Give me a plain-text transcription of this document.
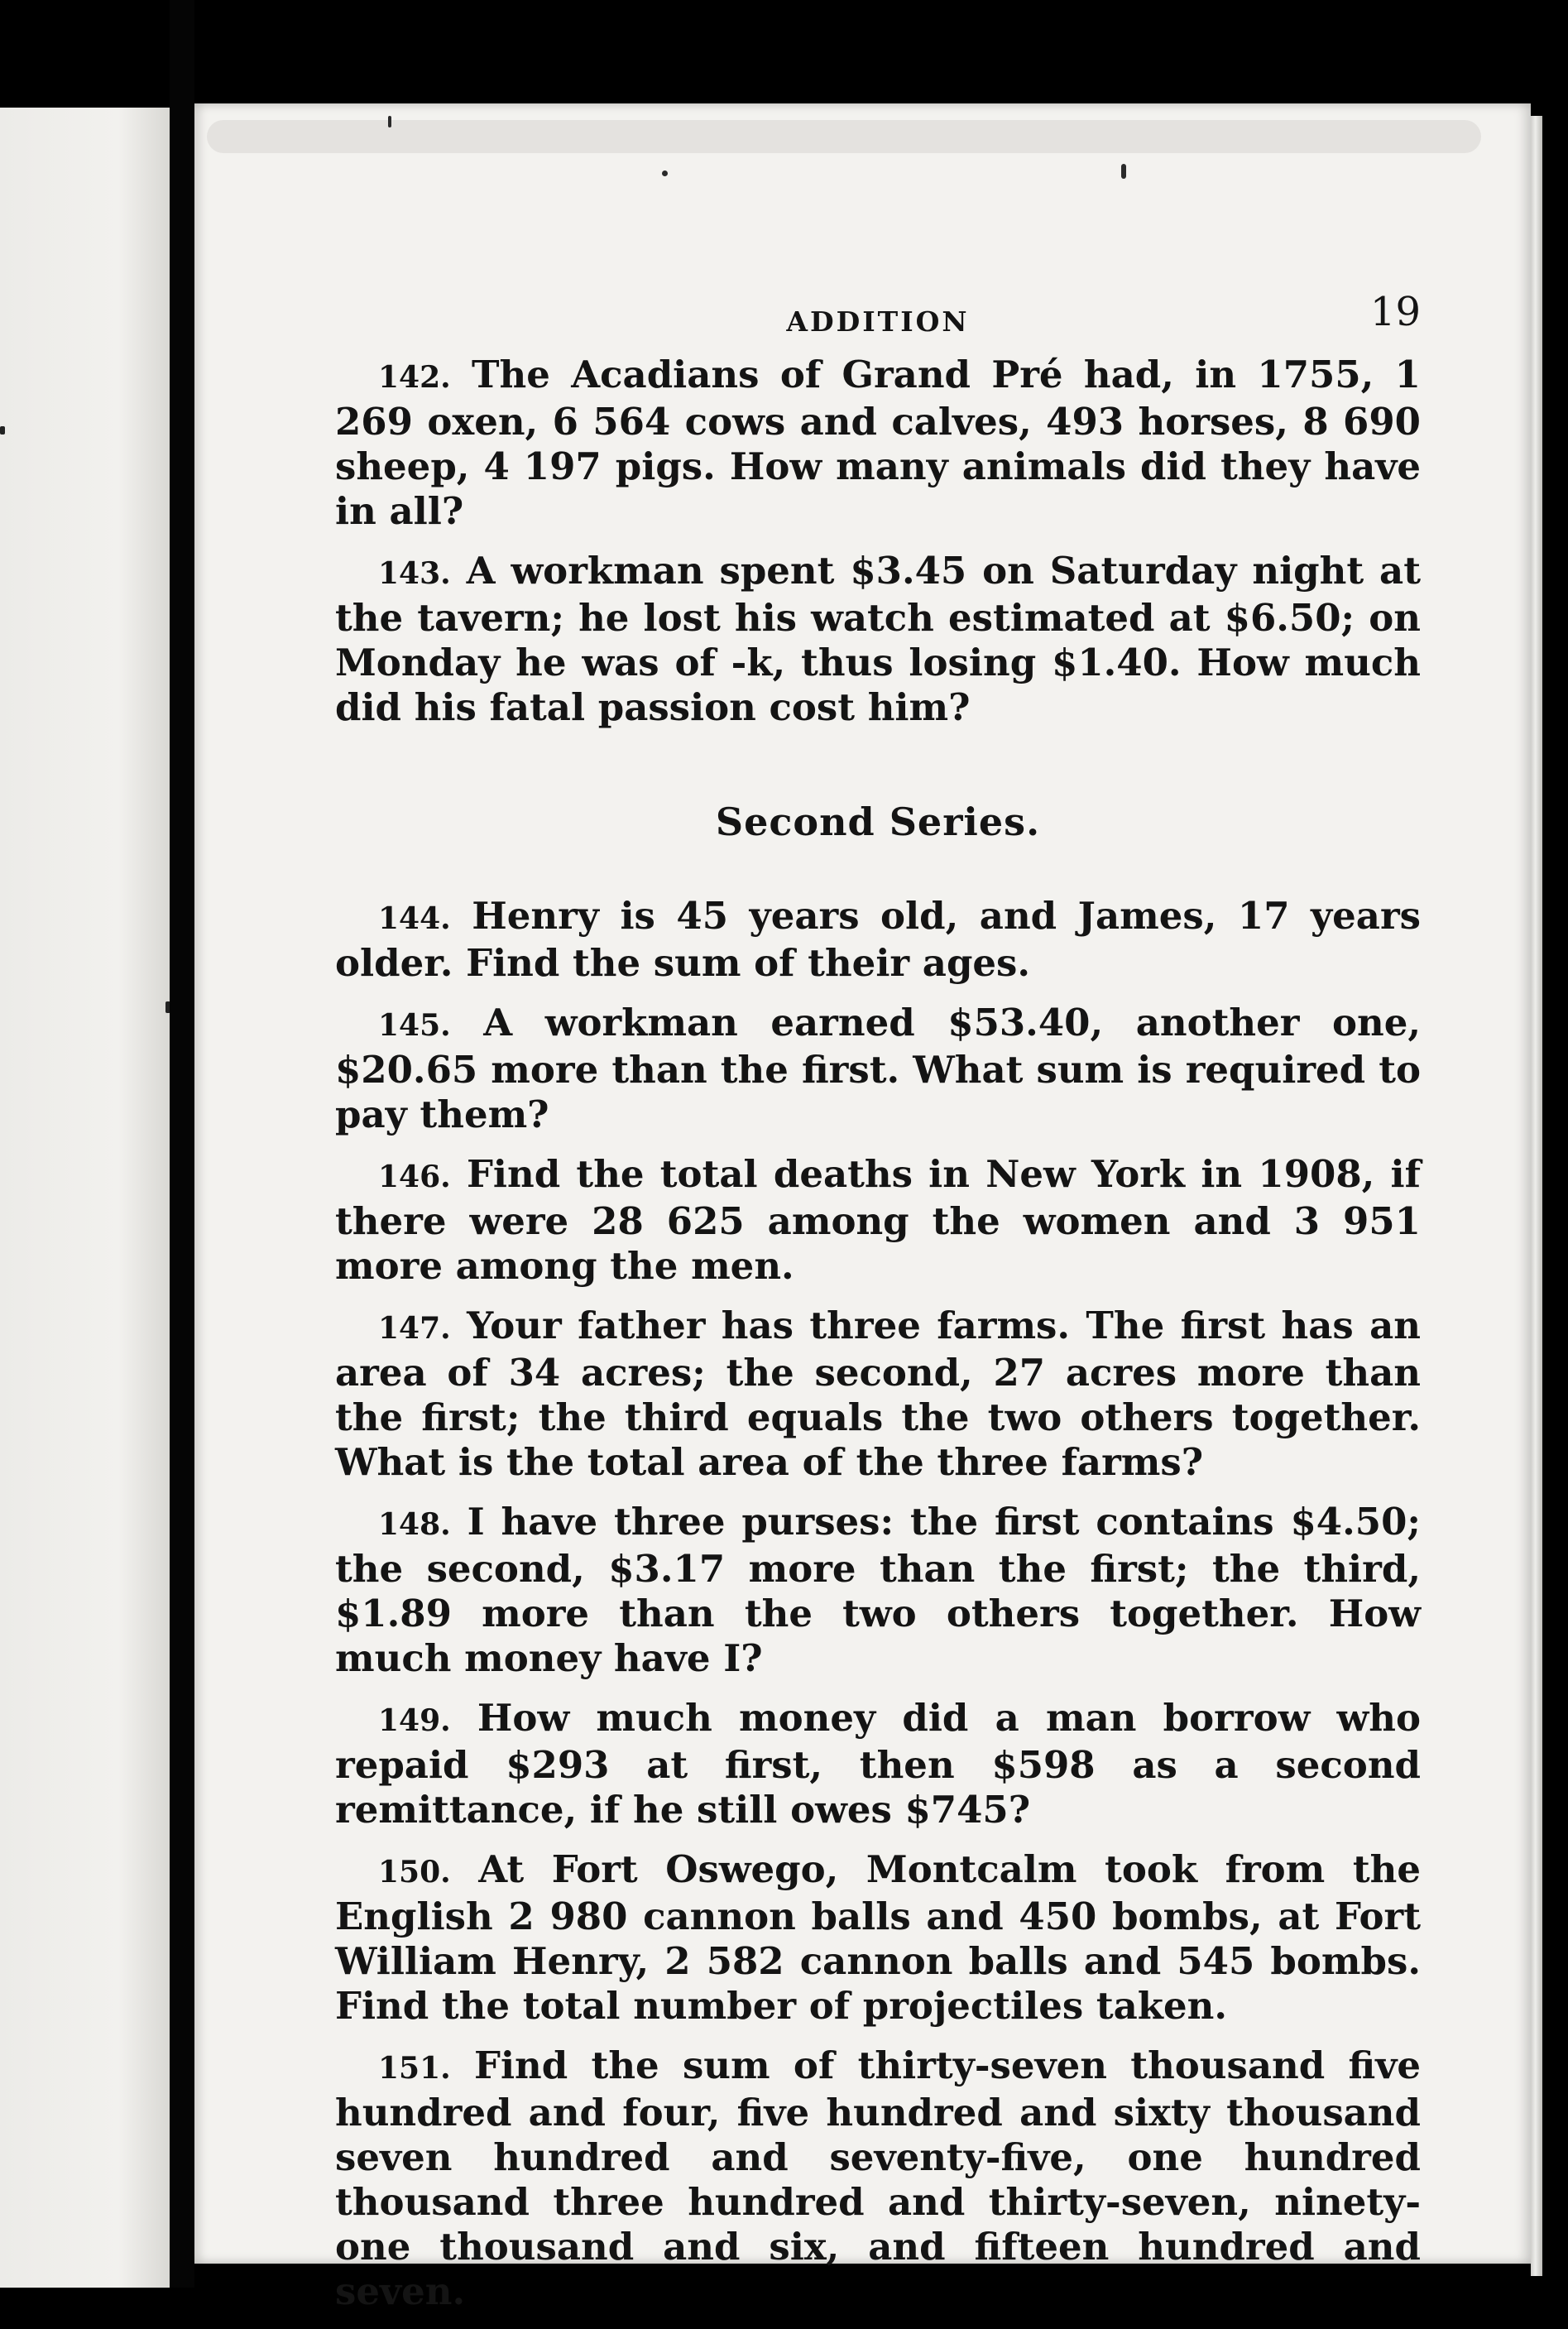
ADDITION	19

142. The Acadians of Grand Pré had, in 1755, 1 269 oxen, 6 564 cows and calves, 493 horses, 8 690 sheep, 4 197 pigs. How many animals did they have in all?

143. A workman spent $3.45 on Saturday night at the tavern; he lost his watch estimated at $6.50; on Monday he was of -k, thus losing $1.40. How much did his fatal passion cost him?

Second Series.

144. Henry is 45 years old, and James, 17 years older. Find the sum of their ages.

145. A workman earned $53.40, another one, $20.65 more than the first. What sum is required to pay them?

146. Find the total deaths in New York in 1908, if there were 28 625 among the women and 3 951 more among the men.

147. Your father has three farms. The first has an area of 34 acres; the second, 27 acres more than the first; the third equals the two others together. What is the total area of the three farms?

148. I have three purses: the first contains $4.50; the second, $3.17 more than the first; the third, $1.89 more than the two others together. How much money have I?

149. How much money did a man borrow who repaid $293 at first, then $598 as a second remittance, if he still owes $745?

150. At Fort Oswego, Montcalm took from the English 2 980 cannon balls and 450 bombs, at Fort William Henry, 2 582 cannon balls and 545 bombs. Find the total number of projectiles taken.

151. Find the sum of thirty-seven thousand five hundred and four, five hundred and sixty thousand seven hundred and seventy-five, one hundred thousand three hundred and thirty-seven, ninety-one thousand and six, and fifteen hundred and seven.
